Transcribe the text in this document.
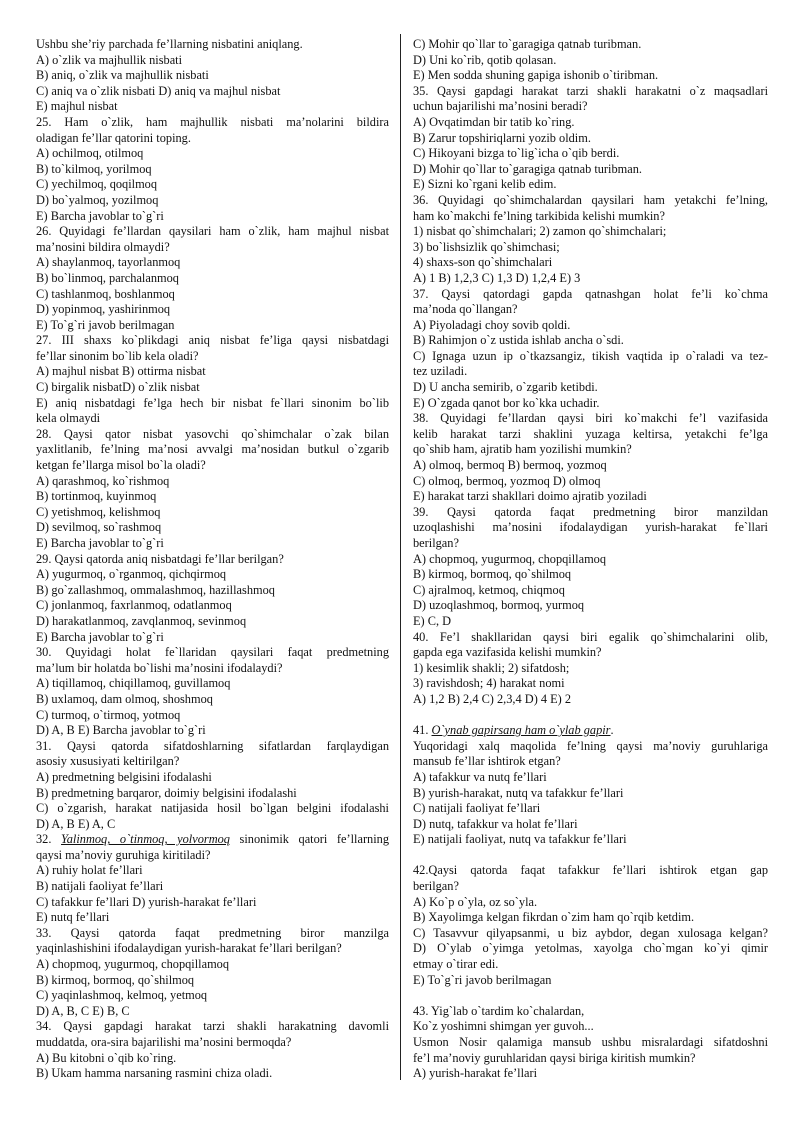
Ushbu she’riy parchada fe’llarning nisbatini aniqlang.
A) o`zlik va majhullik nisbati
B) aniq, o`zlik va majhullik nisbati
C) aniq va o`zlik nisbati D) aniq va majhul nisbat
E) majhul nisbat
25. Ham o`zlik, ham majhullik nisbati ma’nolarini bildira
oladigan fe’llar qatorini toping.
A) ochilmoq, otilmoq
B) to`kilmoq, yorilmoq
C) yechilmoq, qoqilmoq
D) bo`yalmoq, yozilmoq
E) Barcha javoblar to`g`ri
26. Quyidagi fe’llardan qaysilari ham o`zlik, ham majhul nisbat
ma’nosini bildira olmaydi?
A) shaylanmoq, tayorlanmoq
B) bo`linmoq, parchalanmoq
C) tashlanmoq, boshlanmoq
D) yopinmoq, yashirinmoq
E) To`g`ri javob berilmagan
27. III shaxs ko`plikdagi aniq nisbat fe’liga qaysi nisbatdagi
fe’llar sinonim bo`lib kela oladi?
A) majhul nisbat B) ottirma nisbat
C) birgalik nisbatD) o`zlik nisbat
E) aniq nisbatdagi fe’lga hech bir nisbat fe`llari sinonim bo`lib
kela olmaydi
28. Qaysi qator nisbat yasovchi qo`shimchalar o`zak bilan
yaxlitlanib, fe’lning ma’nosi avvalgi ma’nosidan butkul o`zgarib
ketgan fe’llarga misol bo`la oladi?
A) qarashmoq, ko`rishmoq
B) tortinmoq, kuyinmoq
C) yetishmoq, kelishmoq
D) sevilmoq, so`rashmoq
E) Barcha javoblar to`g`ri
29. Qaysi qatorda aniq nisbatdagi fe’llar berilgan?
A) yugurmoq, o`rganmoq, qichqirmoq
B) go`zallashmoq, ommalashmoq, hazillashmoq
C) jonlanmoq, faxrlanmoq, odatlanmoq
D) harakatlanmoq, zavqlanmoq, sevinmoq
E) Barcha javoblar to`g`ri
30. Quyidagi holat fe`llaridan qaysilari faqat predmetning
ma’lum bir holatda bo`lishi ma’nosini ifodalaydi?
A) tiqillamoq, chiqillamoq, guvillamoq
B) uxlamoq, dam olmoq, shoshmoq
C) turmoq, o`tirmoq, yotmoq
D) A, B E) Barcha javoblar to`g`ri
31. Qaysi qatorda sifatdoshlarning sifatlardan farqlaydigan
asosiy xususiyati keltirilgan?
A) predmetning belgisini ifodalashi
B) predmetning barqaror, doimiy belgisini ifodalashi
C) o`zgarish, harakat natijasida hosil bo`lgan belgini ifodalashi
D) A, B E) A, C
32. Yalinmoq, o`tinmoq, yolvormoq sinonimik qatori fe’llarning
qaysi ma’noviy guruhiga kiritiladi?
A) ruhiy holat fe’llari
B) natijali faoliyat fe’llari
C) tafakkur fe’llari D) yurish-harakat fe’llari
E) nutq fe’llari
33. Qaysi qatorda faqat predmetning biror manzilga
yaqinlashishini ifodalaydigan yurish-harakat fe’llari berilgan?
A) chopmoq, yugurmoq, chopqillamoq
B) kirmoq, bormoq, qo`shilmoq
C) yaqinlashmoq, kelmoq, yetmoq
D) A, B, C E) B, C
34. Qaysi gapdagi harakat tarzi shakli harakatning davomli
muddatda, ora-sira bajarilishi ma’nosini bermoqda?
A) Bu kitobni o`qib ko`ring.
B) Ukam hamma narsaning rasmini chiza oladi.
C) Mohir qo`llar to`garagiga qatnab turibman.
D) Uni ko`rib, qotib qolasan.
E) Men sodda shuning gapiga ishonib o`tiribman.
35. Qaysi gapdagi harakat tarzi shakli harakatni o`z maqsadlari
uchun bajarilishi ma’nosini beradi?
A) Ovqatimdan bir tatib ko`ring.
B) Zarur topshiriqlarni yozib oldim.
C) Hikoyani bizga to`lig`icha o`qib berdi.
D) Mohir qo`llar to`garagiga qatnab turibman.
E) Sizni ko`rgani kelib edim.
36. Quyidagi qo`shimchalardan qaysilari ham yetakchi fe’lning,
ham ko`makchi fe’lning tarkibida kelishi mumkin?
1) nisbat qo`shimchalari; 2) zamon qo`shimchalari;
3) bo`lishsizlik qo`shimchasi;
4) shaxs-son qo`shimchalari
A) 1 B) 1,2,3 C) 1,3 D) 1,2,4 E) 3
37. Qaysi qatordagi gapda qatnashgan holat fe’li ko`chma
ma’noda qo`llangan?
A) Piyoladagi choy sovib qoldi.
B) Rahimjon o`z ustida ishlab ancha o`sdi.
C) Ignaga uzun ip o`tkazsangiz, tikish vaqtida ip o`raladi va tez-
tez uziladi.
D) U ancha semirib, o`zgarib ketibdi.
E) O`zgada qanot bor ko`kka uchadir.
38. Quyidagi fe’llardan qaysi biri ko`makchi fe’l vazifasida
kelib harakat tarzi shaklini yuzaga keltirsa, yetakchi fe’lga
qo`shib ham, ajratib ham yozilishi mumkin?
A) olmoq, bermoq B) bermoq, yozmoq
C) olmoq, bermoq, yozmoq D) olmoq
E) harakat tarzi shakllari doimo ajratib yoziladi
39. Qaysi qatorda faqat predmetning biror manzildan
uzoqlashishi ma’nosini ifodalaydigan yurish-harakat fe`llari
berilgan?
A) chopmoq, yugurmoq, chopqillamoq
B) kirmoq, bormoq, qo`shilmoq
C) ajralmoq, ketmoq, chiqmoq
D) uzoqlashmoq, bormoq, yurmoq
E) C, D
40. Fe’l shakllaridan qaysi biri egalik qo`shimchalarini olib,
gapda ega vazifasida kelishi mumkin?
1) kesimlik shakli; 2) sifatdosh;
3) ravishdosh; 4) harakat nomi
A) 1,2 B) 2,4 C) 2,3,4 D) 4 E) 2
41. O`ynab gapirsang ham o`ylab gapir.
Yuqoridagi xalq maqolida fe’lning qaysi ma’noviy guruhlariga
mansub fe’llar ishtirok etgan?
A) tafakkur va nutq fe’llari
B) yurish-harakat, nutq va tafakkur fe’llari
C) natijali faoliyat fe’llari
D) nutq, tafakkur va holat fe’llari
E) natijali faoliyat, nutq va tafakkur fe’llari
42.Qaysi qatorda faqat tafakkur fe’llari ishtirok etgan gap
berilgan?
A) Ko`p o`yla, oz so`yla.
B) Xayolimga kelgan fikrdan o`zim ham qo`rqib ketdim.
C) Tasavvur qilyapsanmi, u biz aybdor, degan xulosaga kelgan?
D) O`ylab o`yimga yetolmas, xayolga cho`mgan ko`yi qimir
etmay o`tirar edi.
E) To`g`ri javob berilmagan
43. Yig`lab o`tardim ko`chalardan,
Ko`z yoshimni shimgan yer guvoh...
Usmon Nosir qalamiga mansub ushbu misralardagi sifatdoshni
fe’l ma’noviy guruhlaridan qaysi biriga kiritish mumkin?
A) yurish-harakat fe’llari
